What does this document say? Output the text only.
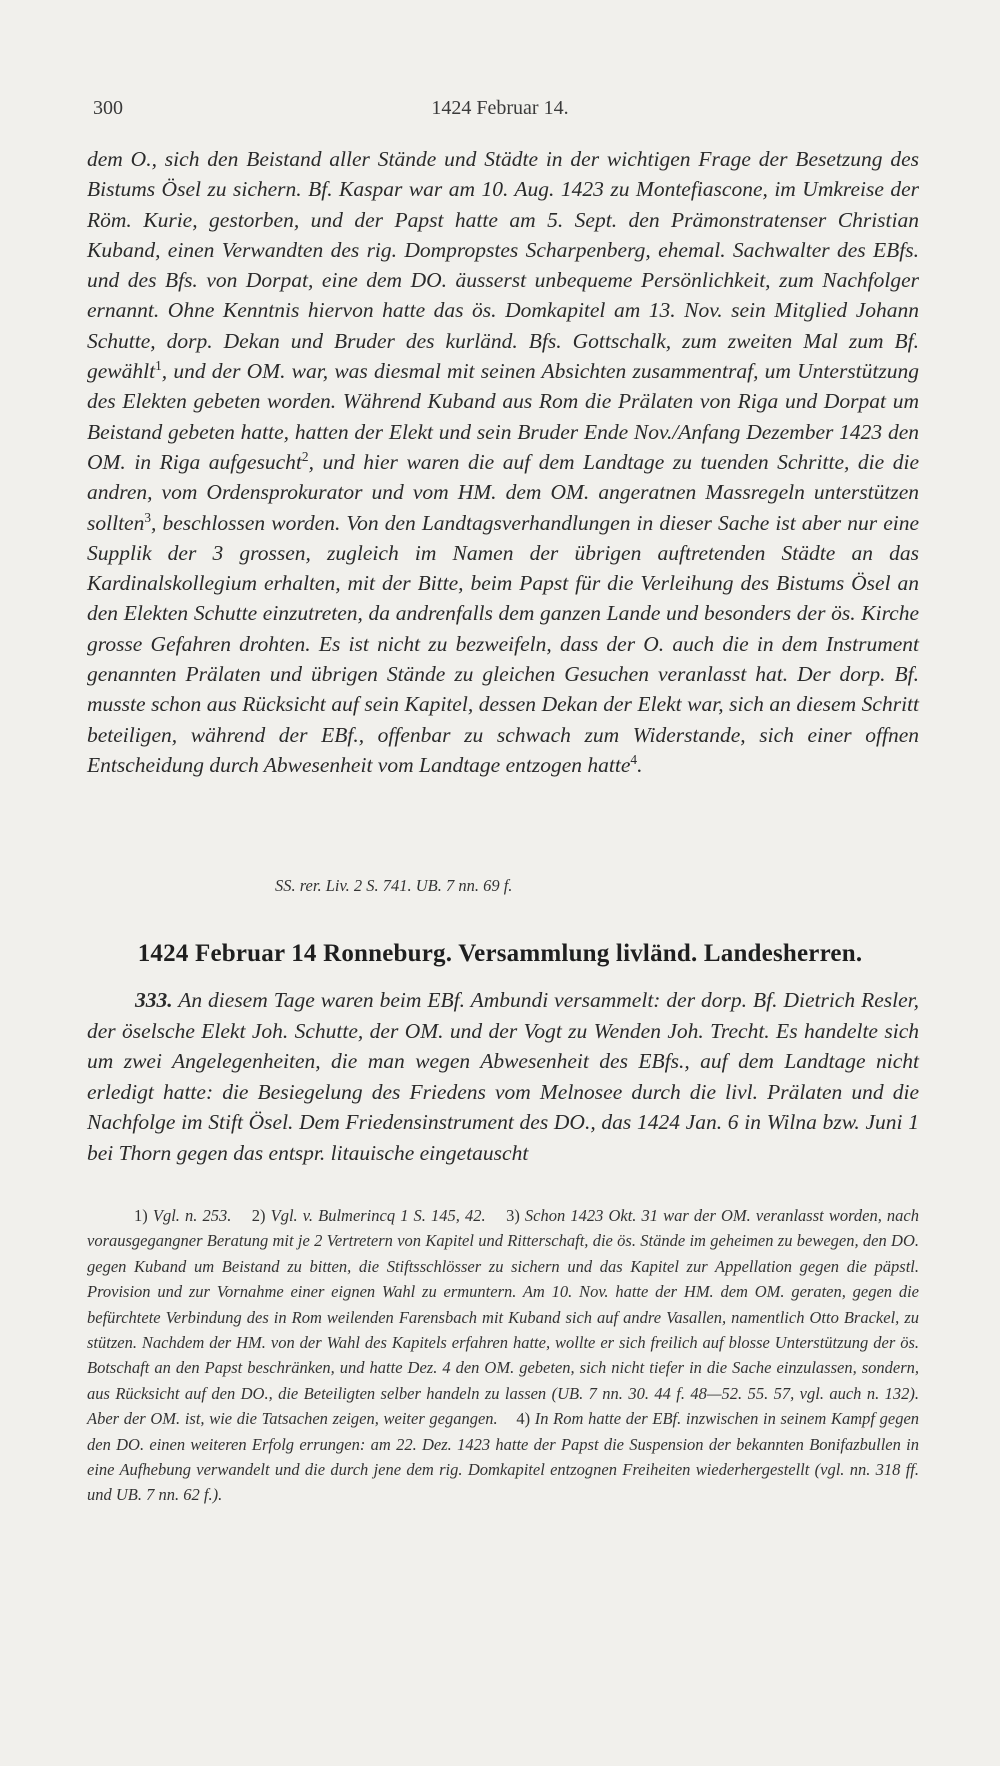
300	1424 Februar 14.

dem O., sich den Beistand aller Stände und Städte in der wichtigen Frage der Besetzung des Bistums Ösel zu sichern. Bf. Kaspar war am 10. Aug. 1423 zu Montefiascone, im Umkreise der Röm. Kurie, gestorben, und der Papst hatte am 5. Sept. den Prämonstratenser Christian Kuband, einen Verwandten des rig. Dompropstes Scharpenberg, ehemal. Sachwalter des EBfs. und des Bfs. von Dorpat, eine dem DO. äusserst unbequeme Persönlichkeit, zum Nachfolger ernannt. Ohne Kenntnis hiervon hatte das ös. Domkapitel am 13. Nov. sein Mitglied Johann Schutte, dorp. Dekan und Bruder des kurländ. Bfs. Gottschalk, zum zweiten Mal zum Bf. gewählt$^1$, und der OM. war, was diesmal mit seinen Absichten zusammentraf, um Unterstützung des Elekten gebeten worden. Während Kuband aus Rom die Prälaten von Riga und Dorpat um Beistand gebeten hatte, hatten der Elekt und sein Bruder Ende Nov./Anfang Dezember 1423 den OM. in Riga aufgesucht$^2$, und hier waren die auf dem Landtage zu tuenden Schritte, die die andren, vom Ordensprokurator und vom HM. dem OM. angeratnen Massregeln unterstützen sollten$^3$, beschlossen worden. Von den Landtagsverhandlungen in dieser Sache ist aber nur eine Supplik der 3 grossen, zugleich im Namen der übrigen auftretenden Städte an das Kardinalskollegium erhalten, mit der Bitte, beim Papst für die Verleihung des Bistums Ösel an den Elekten Schutte einzutreten, da andrenfalls dem ganzen Lande und besonders der ös. Kirche grosse Gefahren drohten. Es ist nicht zu bezweifeln, dass der O. auch die in dem Instrument genannten Prälaten und übrigen Stände zu gleichen Gesuchen veranlasst hat. Der dorp. Bf. musste schon aus Rücksicht auf sein Kapitel, dessen Dekan der Elekt war, sich an diesem Schritt beteiligen, während der EBf., offenbar zu schwach zum Widerstande, sich einer offnen Entscheidung durch Abwesenheit vom Landtage entzogen hatte$^4$.

SS. rer. Liv. 2 S. 741. UB. 7 nn. 69 f.
1424 Februar 14 Ronneburg. Versammlung livländ. Landesherren.

333. An diesem Tage waren beim EBf. Ambundi versammelt: der dorp. Bf. Dietrich Resler, der öselsche Elekt Joh. Schutte, der OM. und der Vogt zu Wenden Joh. Trecht. Es handelte sich um zwei Angelegenheiten, die man wegen Abwesenheit des EBfs., auf dem Landtage nicht erledigt hatte: die Besiegelung des Friedens vom Melnosee durch die livl. Prälaten und die Nachfolge im Stift Ösel. Dem Friedensinstrument des DO., das 1424 Jan. 6 in Wilna bzw. Juni 1 bei Thorn gegen das entspr. litauische eingetauscht

1) Vgl. n. 253. 2) Vgl. v. Bulmerincq 1 S. 145, 42. 3) Schon 1423 Okt. 31 war der OM. veranlasst worden, nach vorausgegangner Beratung mit je 2 Vertretern von Kapitel und Ritterschaft, die ös. Stände im geheimen zu bewegen, den DO. gegen Kuband um Beistand zu bitten, die Stiftsschlösser zu sichern und das Kapitel zur Appellation gegen die päpstl. Provision und zur Vornahme einer eignen Wahl zu ermuntern. Am 10. Nov. hatte der HM. dem OM. geraten, gegen die befürchtete Verbindung des in Rom weilenden Farensbach mit Kuband sich auf andre Vasallen, namentlich Otto Brackel, zu stützen. Nachdem der HM. von der Wahl des Kapitels erfahren hatte, wollte er sich freilich auf blosse Unterstützung der ös. Botschaft an den Papst beschränken, und hatte Dez. 4 den OM. gebeten, sich nicht tiefer in die Sache einzulassen, sondern, aus Rücksicht auf den DO., die Beteiligten selber handeln zu lassen (UB. 7 nn. 30. 44 f. 48—52. 55. 57, vgl. auch n. 132). Aber der OM. ist, wie die Tatsachen zeigen, weiter gegangen. 4) In Rom hatte der EBf. inzwischen in seinem Kampf gegen den DO. einen weiteren Erfolg errungen: am 22. Dez. 1423 hatte der Papst die Suspension der bekannten Bonifazbullen in eine Aufhebung verwandelt und die durch jene dem rig. Domkapitel entzognen Freiheiten wiederhergestellt (vgl. nn. 318 ff. und UB. 7 nn. 62 f.).
